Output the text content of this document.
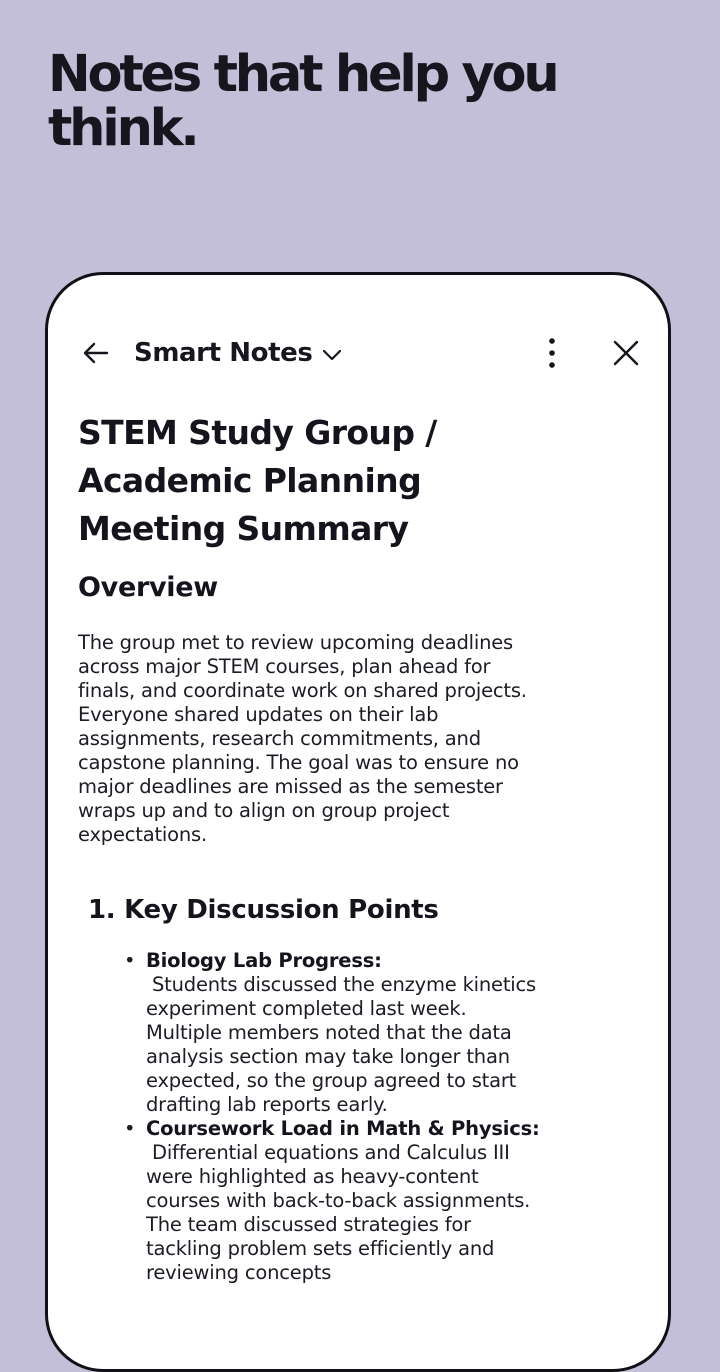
Notes that help you think.
Smart Notes
STEM Study Group / Academic Planning Meeting Summary
Overview

The group met to review upcoming deadlines across major STEM courses, plan ahead for finals, and coordinate work on shared projects. Everyone shared updates on their lab assignments, research commitments, and capstone planning. The goal was to ensure no major deadlines are missed as the semester wraps up and to align on group project expectations.

1. Key Discussion Points
• Biology Lab Progress:
Students discussed the enzyme kinetics experiment completed last week. Multiple members noted that the data analysis section may take longer than expected, so the group agreed to start drafting lab reports early.
• Coursework Load in Math & Physics:
Differential equations and Calculus III were highlighted as heavy-content courses with back-to-back assignments. The team discussed strategies for tackling problem sets efficiently and reviewing concepts
